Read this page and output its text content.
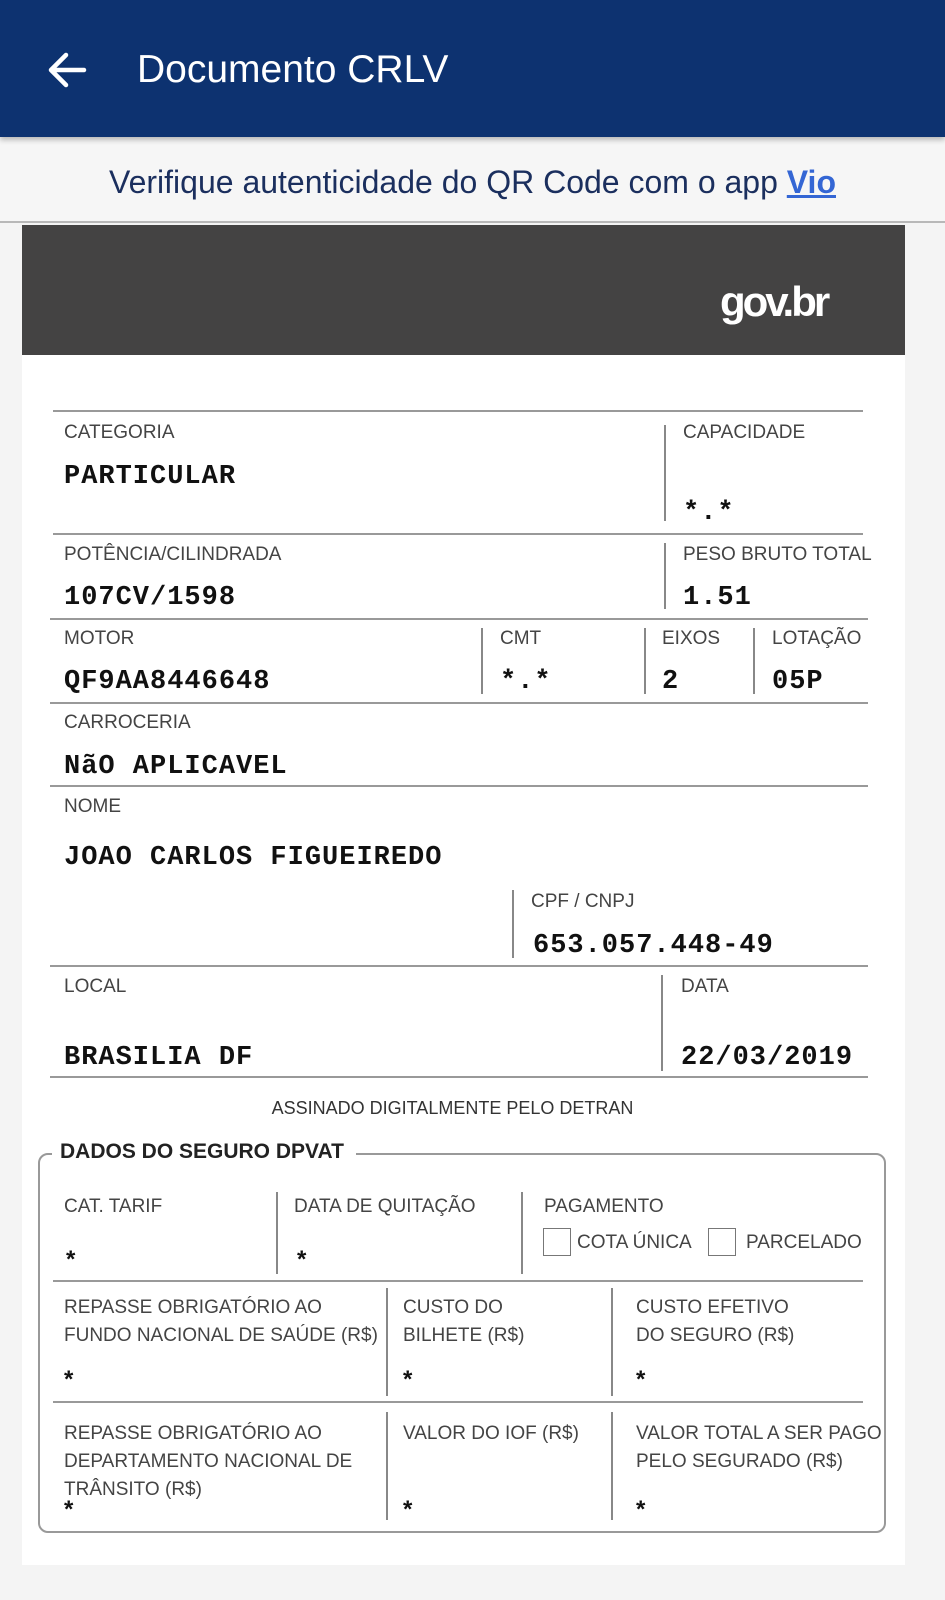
Documento CRLV
Verifique autenticidade do QR Code com o app Vio
gov.br
CATEGORIA
PARTICULAR
CAPACIDADE
*.*
POTÊNCIA/CILINDRADA
107CV/1598
PESO BRUTO TOTAL
1.51
MOTOR
QF9AA8446648
CMT
*.*
EIXOS
2
LOTAÇÃO
05P
CARROCERIA
NãO APLICAVEL
NOME
JOAO CARLOS FIGUEIREDO
CPF / CNPJ
653.057.448-49
LOCAL
BRASILIA DF
DATA
22/03/2019
ASSINADO DIGITALMENTE PELO DETRAN
DADOS DO SEGURO DPVAT
CAT. TARIF
*
DATA DE QUITAÇÃO
*
PAGAMENTO
COTA ÚNICA	PARCELADO
REPASSE OBRIGATÓRIO AO
FUNDO NACIONAL DE SAÚDE (R$)
*
CUSTO DO
BILHETE (R$)
*
CUSTO EFETIVO
DO SEGURO (R$)
*
REPASSE OBRIGATÓRIO AO
DEPARTAMENTO NACIONAL DE
TRÂNSITO (R$)
*
VALOR DO IOF (R$)
*
VALOR TOTAL A SER PAGO
PELO SEGURADO (R$)
*
